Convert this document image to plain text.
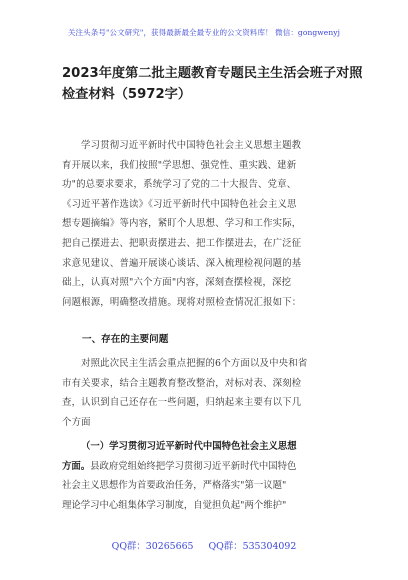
关注头条号"公文研究"，获得最新最全最专业的公文资料库！ 微信：gongwenyj
2023年度第二批主题教育专题民主生活会班子对照
检查材料（5972字）
学习贯彻习近平新时代中国特色社会主义思想主题教
育开展以来，我们按照"学思想、强党性、重实践、建新
功"的总要求要求，系统学习了党的二十大报告、党章、
《习近平著作选读》《习近平新时代中国特色社会主义思
想专题摘编》等内容，紧盯个人思想、学习和工作实际，
把自己摆进去、把职责摆进去、把工作摆进去，在广泛征
求意见建议、普遍开展谈心谈话、深入梳理检视问题的基
础上，认真对照"六个方面"内容，深刻查摆检视，深挖
问题根源，明确整改措施。现将对照检查情况汇报如下：
一、存在的主要问题
对照此次民主生活会重点把握的6个方面以及中央和省
市有关要求，结合主题教育整改整治，对标对表、深刻检
查，认识到自己还存在一些问题，归纳起来主要有以下几
个方面
（一）学习贯彻习近平新时代中国特色社会主义思想
方面。县政府党组始终把学习贯彻习近平新时代中国特色
社会主义思想作为首要政治任务，严格落实"第一议题"
理论学习中心组集体学习制度，自觉担负起"两个维护"
QQ群：30265665 QQ群：535304092
